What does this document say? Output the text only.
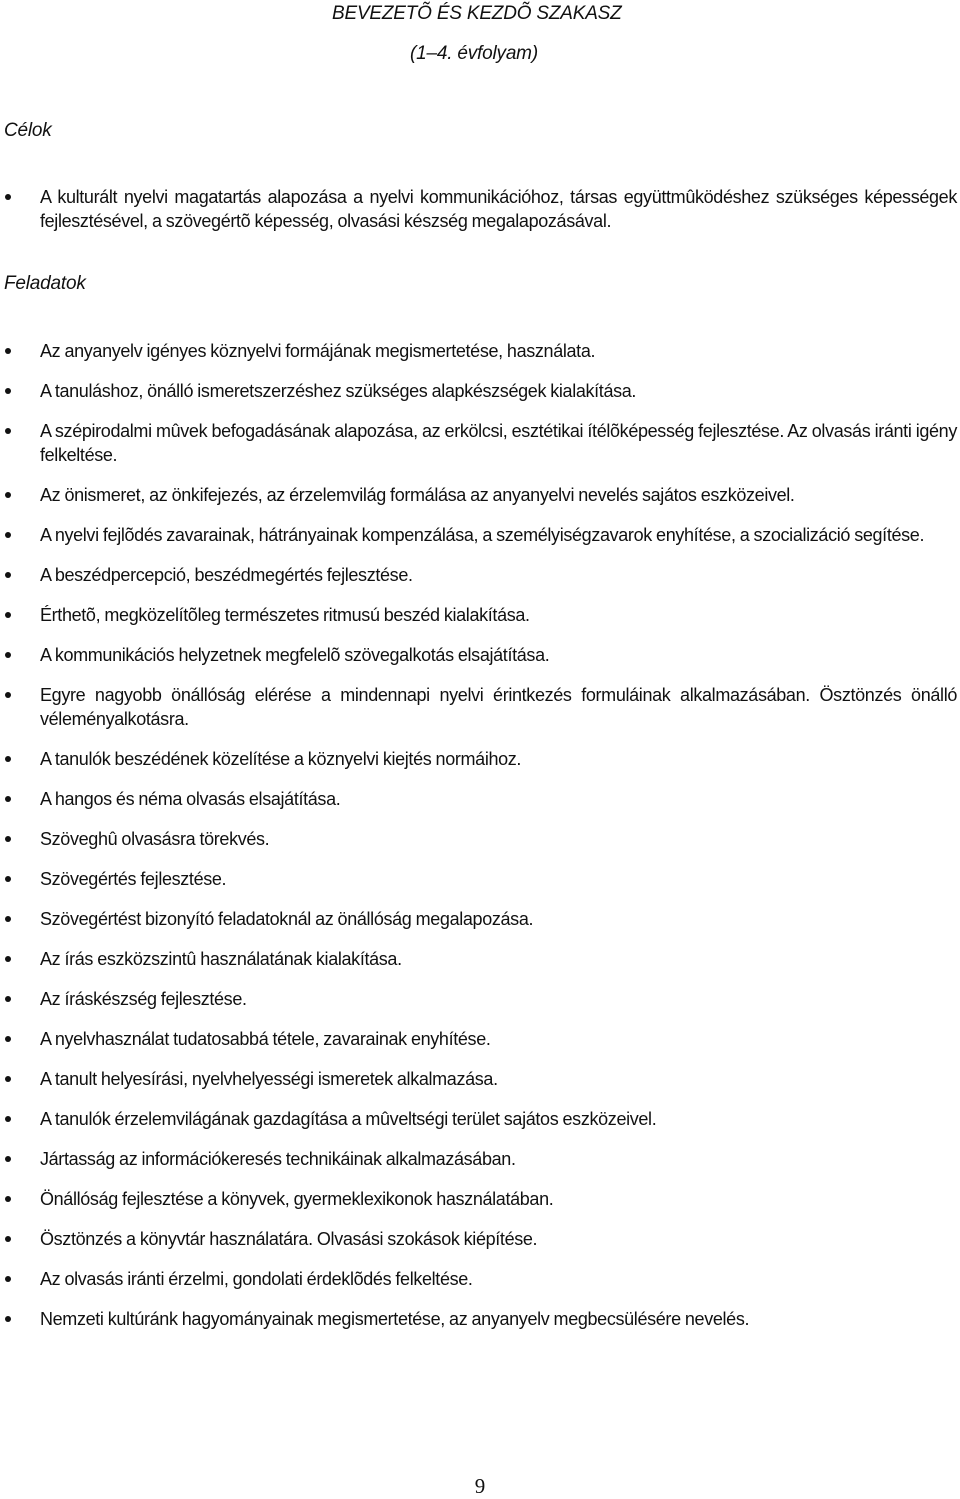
BEVEZETÕ ÉS KEZDÕ SZAKASZ
(1–4. évfolyam)
Célok
A kulturált nyelvi magatartás alapozása a nyelvi kommunikációhoz, társas együttmûködéshez szükséges képességek fejlesztésével, a szövegértõ képesség, olvasási készség megalapozásával.
Feladatok
Az anyanyelv igényes köznyelvi formájának megismertetése, használata.
A tanuláshoz, önálló ismeretszerzéshez szükséges alapkészségek kialakítása.
A szépirodalmi mûvek befogadásának alapozása, az erkölcsi, esztétikai ítélõképesség fejlesztése. Az olvasás iránti igény felkeltése.
Az önismeret, az önkifejezés, az érzelemvilág formálása az anyanyelvi nevelés sajátos eszközeivel.
A nyelvi fejlõdés zavarainak, hátrányainak kompenzálása, a személyiségzavarok enyhítése, a szocializáció segítése.
A beszédpercepció, beszédmegértés fejlesztése.
Érthetõ, megközelítõleg természetes ritmusú beszéd kialakítása.
A kommunikációs helyzetnek megfelelõ szövegalkotás elsajátítása.
Egyre nagyobb önállóság elérése a mindennapi nyelvi érintkezés formuláinak alkalmazásában. Ösztönzés önálló véleményalkotásra.
A tanulók beszédének közelítése a köznyelvi kiejtés normáihoz.
A hangos és néma olvasás elsajátítása.
Szöveghû olvasásra törekvés.
Szövegértés fejlesztése.
Szövegértést bizonyító feladatoknál az önállóság megalapozása.
Az írás eszközszintû használatának kialakítása.
Az íráskészség fejlesztése.
A nyelvhasználat tudatosabbá tétele, zavarainak enyhítése.
A tanult helyesírási, nyelvhelyességi ismeretek alkalmazása.
A tanulók érzelemvilágának gazdagítása a mûveltségi terület sajátos eszközeivel.
Jártasság az információkeresés technikáinak alkalmazásában.
Önállóság fejlesztése a könyvek, gyermeklexikonok használatában.
Ösztönzés a könyvtár használatára. Olvasási szokások kiépítése.
Az olvasás iránti érzelmi, gondolati érdeklõdés felkeltése.
Nemzeti kultúránk hagyományainak megismertetése, az anyanyelv megbecsülésére nevelés.
9
